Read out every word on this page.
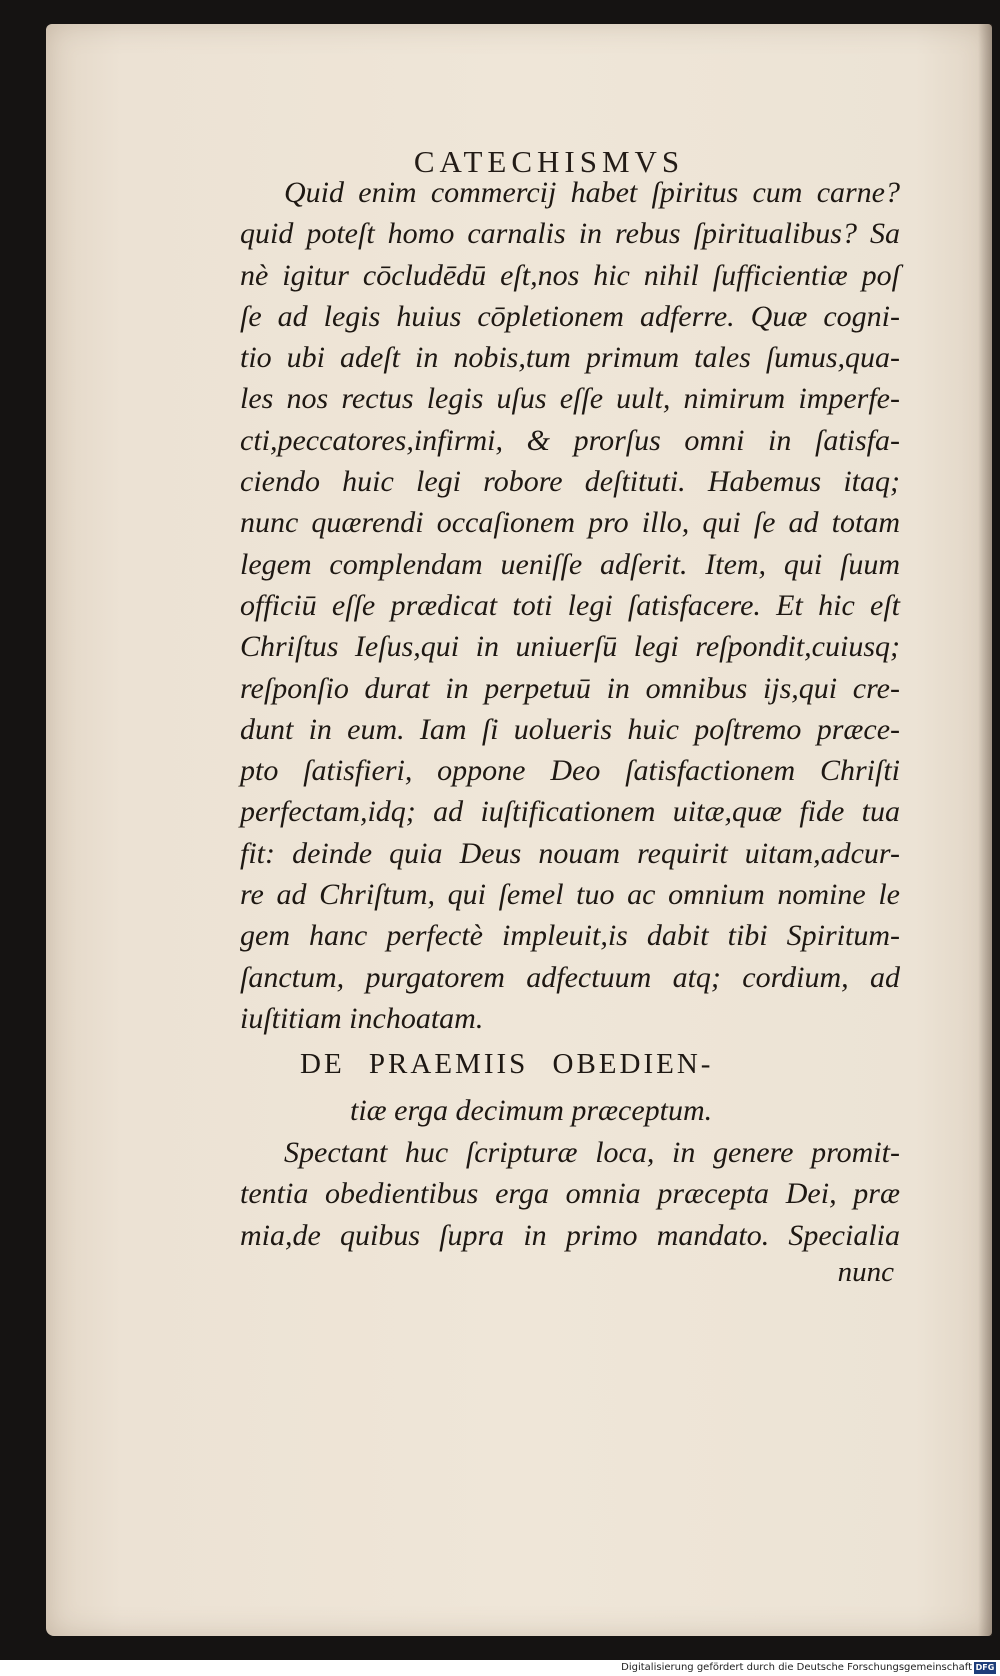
CATECHISMVS
Quid enim commercij habet ſpiritus cum carne?
quid poteſt homo carnalis in rebus ſpiritualibus? Sa
nè igitur cōcludēdū eſt,nos hic nihil ſufficientiæ poſ
ſe ad legis huius cōpletionem adferre. Quæ cogni-
tio ubi adeſt in nobis,tum primum tales ſumus,qua-
les nos rectus legis uſus eſſe uult, nimirum imperfe-
cti,peccatores,infirmi, & prorſus omni in ſatisfa-
ciendo huic legi robore deſtituti. Habemus itaq;
nunc quærendi occaſionem pro illo, qui ſe ad totam
legem complendam ueniſſe adſerit. Item, qui ſuum
officiū eſſe prædicat toti legi ſatisfacere. Et hic eſt
Chriſtus Ieſus,qui in uniuerſū legi reſpondit,cuiusq;
reſponſio durat in perpetuū in omnibus ijs,qui cre-
dunt in eum. Iam ſi uolueris huic poſtremo præce-
pto ſatisfieri, oppone Deo ſatisfactionem Chriſti
perfectam,idq; ad iuſtificationem uitæ,quæ fide tua
fit: deinde quia Deus nouam requirit uitam,adcur-
re ad Chriſtum, qui ſemel tuo ac omnium nomine le
gem hanc perfectè impleuit,is dabit tibi Spiritum-
ſanctum, purgatorem adfectuum atq; cordium, ad
iuſtitiam inchoatam.
DE PRAEMIIS OBEDIEN-
tiæ erga decimum præceptum.
Spectant huc ſcripturæ loca, in genere promit-
tentia obedientibus erga omnia præcepta Dei, præ
mia,de quibus ſupra in primo mandato. Specialia
nunc
Digitalisierung gefördert durch die Deutsche Forschungsgemeinschaft DFG
